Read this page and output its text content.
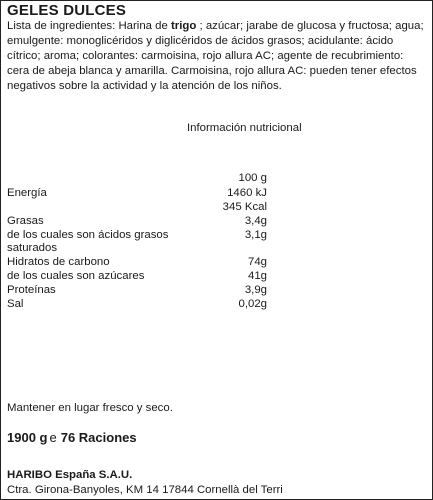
GELES DULCES
Lista de ingredientes: Harina de trigo ; azúcar; jarabe de glucosa y fructosa; agua; emulgente: monoglicéridos y diglicéridos de ácidos grasos; acidulante: ácido cítrico; aroma; colorantes: carmoisina, rojo allura AC; agente de recubrimiento: cera de abeja blanca y amarilla. Carmoisina, rojo allura AC: pueden tener efectos negativos sobre la actividad y la atención de los niños.
Información nutricional
100 g
Energía	1460 kJ
345 Kcal
Grasas	3,4g
de los cuales son ácidos grasos	3,1g
saturados
Hidratos de carbono	74g
de los cuales son azúcares	41g
Proteínas	3,9g
Sal	0,02g
Mantener en lugar fresco y seco.
1900 g e 76 Raciones
HARIBO España S.A.U.
Ctra. Girona-Banyoles, KM 14 17844 Cornellà del Terri
